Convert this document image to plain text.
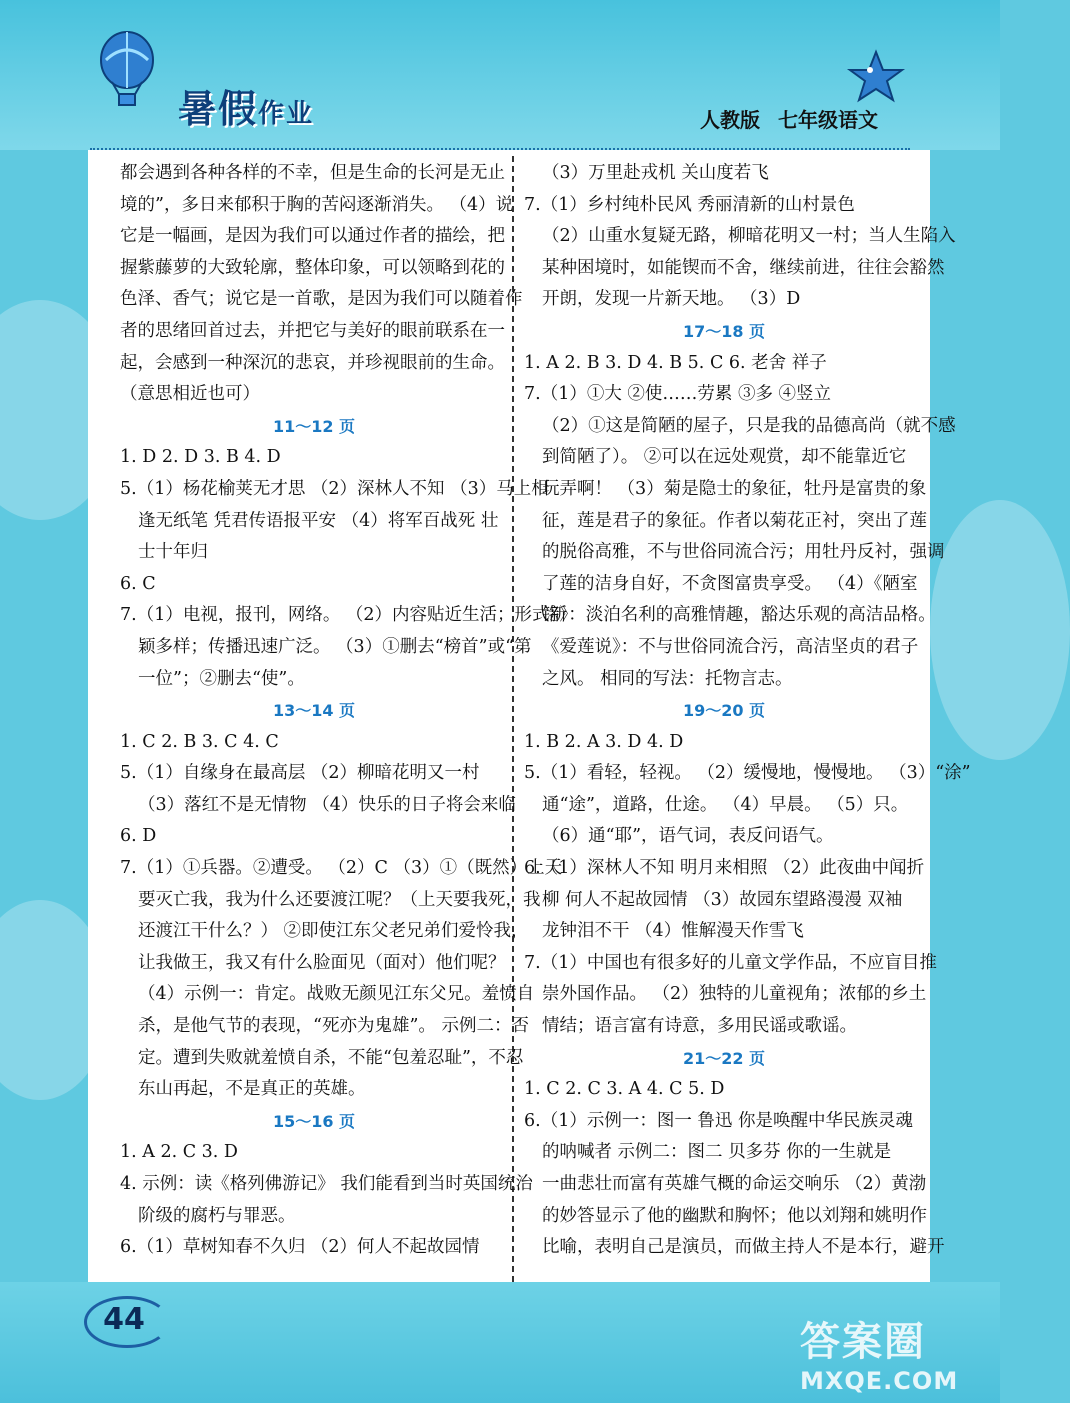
暑假作业	人教版 七年级语文
都会遇到各种各样的不幸，但是生命的长河是无止
境的”，多日来郁积于胸的苦闷逐渐消失。 （4）说
它是一幅画，是因为我们可以通过作者的描绘，把
握紫藤萝的大致轮廓，整体印象，可以领略到花的
色泽、香气；说它是一首歌，是因为我们可以随着作
者的思绪回首过去，并把它与美好的眼前联系在一
起，会感到一种深沉的悲哀，并珍视眼前的生命。
（意思相近也可）
11～12 页
1. D 2. D 3. B 4. D
5.（1）杨花榆荚无才思 （2）深林人不知 （3）马上相
逢无纸笔 凭君传语报平安 （4）将军百战死 壮
士十年归
6. C
7.（1）电视，报刊，网络。 （2）内容贴近生活；形式新
颖多样；传播迅速广泛。 （3）①删去“榜首”或“第
一位”；②删去“使”。
13～14 页
1. C 2. B 3. C 4. C
5.（1）自缘身在最高层 （2）柳暗花明又一村
（3）落红不是无情物 （4）快乐的日子将会来临
6. D
7.（1）①兵器。②遭受。 （2）C （3）①（既然）上天
要灭亡我，我为什么还要渡江呢？（上天要我死，我
还渡江干什么？） ②即使江东父老兄弟们爱怜我，
让我做王，我又有什么脸面见（面对）他们呢？
（4）示例一：肯定。战败无颜见江东父兄。羞愤自
杀，是他气节的表现，“死亦为鬼雄”。 示例二：否
定。遭到失败就羞愤自杀，不能“包羞忍耻”，不忍
东山再起，不是真正的英雄。
15～16 页
1. A 2. C 3. D
4. 示例：读《格列佛游记》 我们能看到当时英国统治
阶级的腐朽与罪恶。
6.（1）草树知春不久归 （2）何人不起故园情
（3）万里赴戎机 关山度若飞
7.（1）乡村纯朴民风 秀丽清新的山村景色
（2）山重水复疑无路，柳暗花明又一村；当人生陷入
某种困境时，如能锲而不舍，继续前进，往往会豁然
开朗，发现一片新天地。 （3）D
17～18 页
1. A 2. B 3. D 4. B 5. C 6. 老舍 祥子
7.（1）①大 ②使……劳累 ③多 ④竖立
（2）①这是简陋的屋子，只是我的品德高尚（就不感
到简陋了）。 ②可以在远处观赏，却不能靠近它
玩弄啊！ （3）菊是隐士的象征，牡丹是富贵的象
征，莲是君子的象征。作者以菊花正衬，突出了莲
的脱俗高雅，不与世俗同流合污；用牡丹反衬，强调
了莲的洁身自好，不贪图富贵享受。 （4）《陋室
铭》：淡泊名利的高雅情趣，豁达乐观的高洁品格。
《爱莲说》：不与世俗同流合污，高洁坚贞的君子
之风。 相同的写法：托物言志。
19～20 页
1. B 2. A 3. D 4. D
5.（1）看轻，轻视。 （2）缓慢地，慢慢地。 （3）“涂”
通“途”，道路，仕途。 （4）早晨。 （5）只。
（6）通“耶”，语气词，表反问语气。
6.（1）深林人不知 明月来相照 （2）此夜曲中闻折
柳 何人不起故园情 （3）故园东望路漫漫 双袖
龙钟泪不干 （4）惟解漫天作雪飞
7.（1）中国也有很多好的儿童文学作品，不应盲目推
崇外国作品。 （2）独特的儿童视角；浓郁的乡土
情结；语言富有诗意，多用民谣或歌谣。
21～22 页
1. C 2. C 3. A 4. C 5. D
6.（1）示例一：图一 鲁迅 你是唤醒中华民族灵魂
的呐喊者 示例二：图二 贝多芬 你的一生就是
一曲悲壮而富有英雄气概的命运交响乐 （2）黄渤
的妙答显示了他的幽默和胸怀；他以刘翔和姚明作
比喻，表明自己是演员，而做主持人不是本行，避开
44	答案圈
MXQE.COM
